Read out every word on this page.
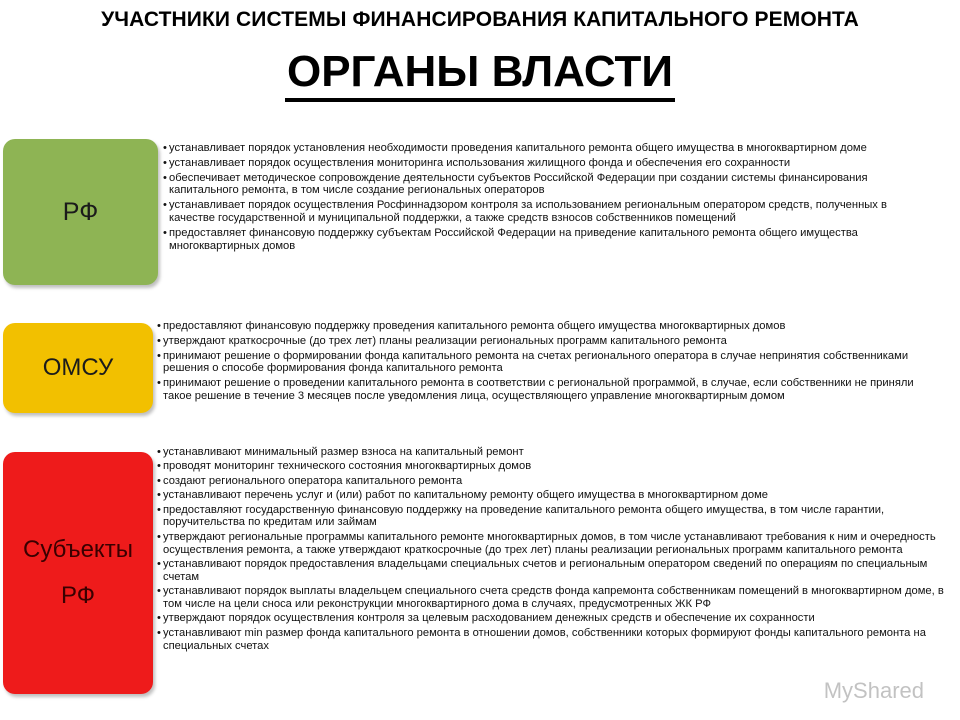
УЧАСТНИКИ СИСТЕМЫ ФИНАНСИРОВАНИЯ КАПИТАЛЬНОГО РЕМОНТА
ОРГАНЫ ВЛАСТИ
РФ
• устанавливает порядок установления необходимости проведения капитального ремонта общего имущества в многоквартирном доме
• устанавливает порядок осуществления мониторинга использования жилищного фонда и обеспечения его сохранности
• обеспечивает методическое сопровождение деятельности субъектов Российской Федерации при создании системы финансирования капитального ремонта, в том числе создание региональных операторов
• устанавливает порядок осуществления Росфиннадзором контроля за использованием региональным оператором средств, полученных в качестве государственной и муниципальной поддержки, а также средств взносов собственников помещений
• предоставляет финансовую поддержку субъектам Российской Федерации на приведение капитального ремонта общего имущества многоквартирных домов
ОМСУ
• предоставляют финансовую поддержку проведения капитального ремонта общего имущества многоквартирных домов
• утверждают краткосрочные (до трех лет) планы реализации региональных программ капитального ремонта
• принимают решение о формировании фонда капитального ремонта на счетах регионального оператора в случае непринятия собственниками решения о способе формирования фонда капитального ремонта
• принимают решение о проведении капитального ремонта в соответствии с региональной программой, в случае, если собственники не приняли такое решение в течение 3 месяцев после уведомления лица, осуществляющего управление многоквартирным домом
Субъекты
РФ
• устанавливают минимальный размер взноса на капитальный ремонт
• проводят мониторинг технического состояния многоквартирных домов
• создают регионального оператора капитального ремонта
• устанавливают перечень услуг и (или) работ по капитальному ремонту общего имущества в многоквартирном доме
• предоставляют государственную финансовую поддержку на проведение капитального ремонта общего имущества, в том числе гарантии, поручительства по кредитам или займам
• утверждают региональные программы капитального ремонте многоквартирных домов, в том числе устанавливают требования к ним и очередность осуществления ремонта, а также утверждают краткосрочные (до трех лет) планы реализации региональных программ капитального ремонта
• устанавливают порядок предоставления владельцами специальных счетов и региональным оператором сведений по операциям по специальным счетам
• устанавливают порядок выплаты владельцем специального счета средств фонда капремонта собственникам помещений в многоквартирном доме, в том числе на цели сноса или реконструкции многоквартирного дома в случаях, предусмотренных ЖК РФ
• утверждают порядок осуществления контроля за целевым расходованием денежных средств и обеспечение их сохранности
• устанавливают min размер фонда капитального ремонта в отношении домов, собственники которых формируют фонды капитального ремонта на специальных счетах
MyShared
